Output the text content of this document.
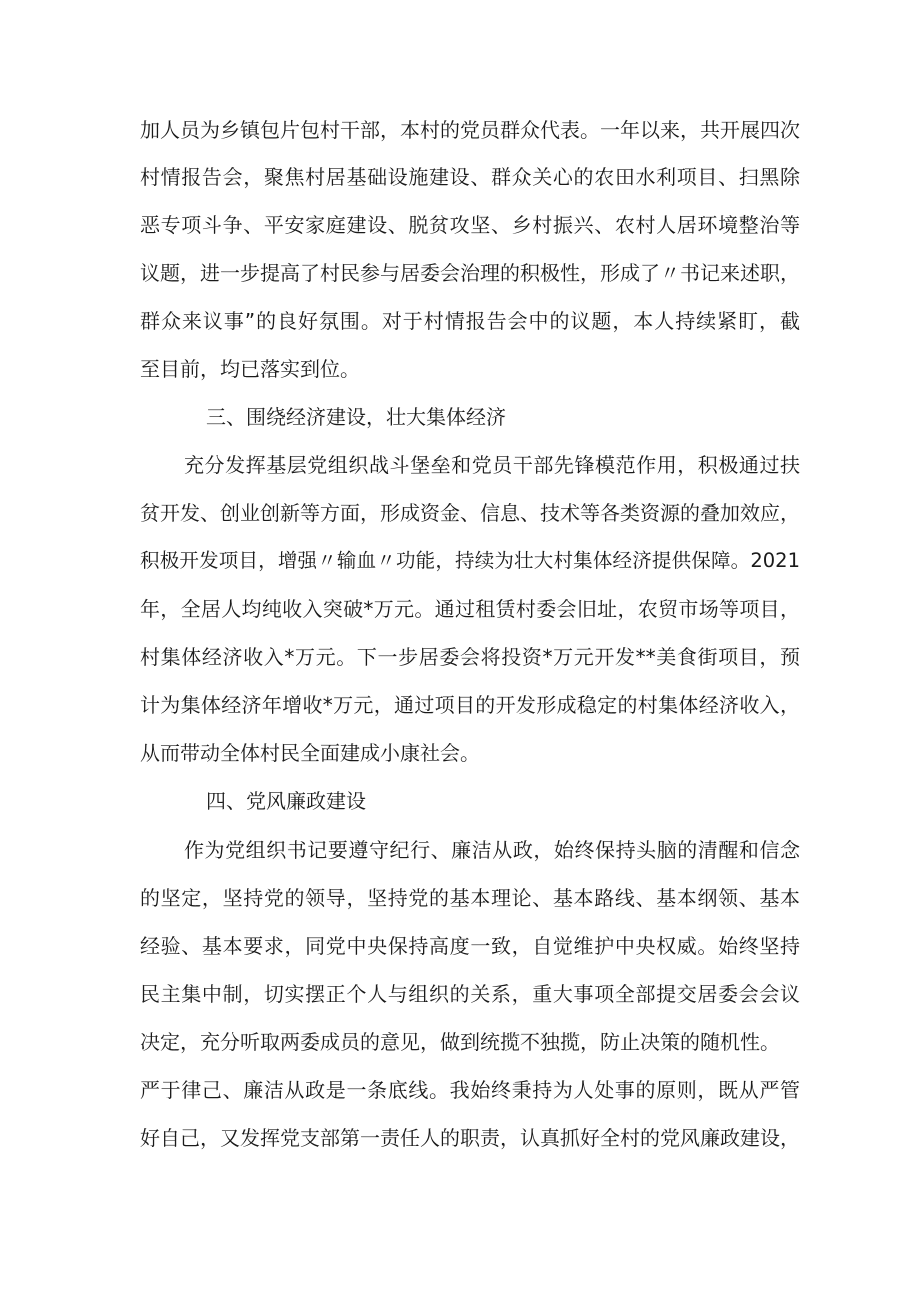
加人员为乡镇包片包村干部，本村的党员群众代表。一年以来，共开展四次
村情报告会，聚焦村居基础设施建设、群众关心的农田水利项目、扫黑除
恶专项斗争、平安家庭建设、脱贫攻坚、乡村振兴、农村人居环境整治等
议题，进一步提高了村民参与居委会治理的积极性，形成了〃书记来述职，
群众来议事”的良好氛围。对于村情报告会中的议题，本人持续紧盯，截
至目前，均已落实到位。
三、围绕经济建设，壮大集体经济
充分发挥基层党组织战斗堡垒和党员干部先锋模范作用，积极通过扶
贫开发、创业创新等方面，形成资金、信息、技术等各类资源的叠加效应，
积极开发项目，增强〃输血〃功能，持续为壮大村集体经济提供保障。2021
年，全居人均纯收入突破*万元。通过租赁村委会旧址，农贸市场等项目，
村集体经济收入*万元。下一步居委会将投资*万元开发**美食街项目，预
计为集体经济年增收*万元，通过项目的开发形成稳定的村集体经济收入，
从而带动全体村民全面建成小康社会。
四、党风廉政建设
作为党组织书记要遵守纪行、廉洁从政，始终保持头脑的清醒和信念
的坚定，坚持党的领导，坚持党的基本理论、基本路线、基本纲领、基本
经验、基本要求，同党中央保持高度一致，自觉维护中央权威。始终坚持
民主集中制，切实摆正个人与组织的关系，重大事项全部提交居委会会议
决定，充分听取两委成员的意见，做到统揽不独揽，防止决策的随机性。
严于律己、廉洁从政是一条底线。我始终秉持为人处事的原则，既从严管
好自己，又发挥党支部第一责任人的职责，认真抓好全村的党风廉政建设，
